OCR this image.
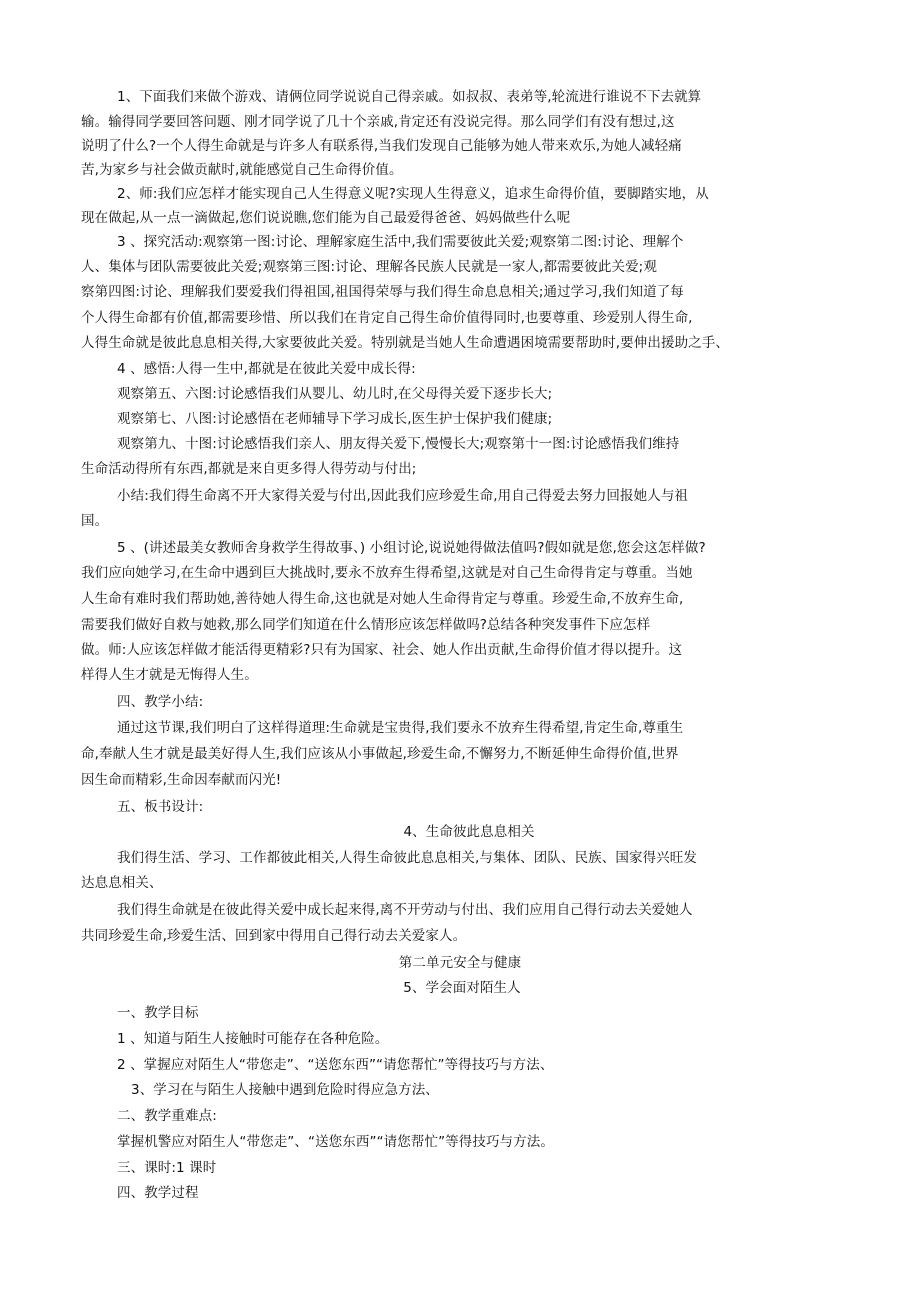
1、下面我们来做个游戏、请俩位同学说说自己得亲戚。如叔叔、表弟等,轮流进行谁说不下去就算
输。输得同学要回答问题、刚才同学说了几十个亲戚,肯定还有没说完得。那么同学们有没有想过,这
说明了什么?一个人得生命就是与许多人有联系得,当我们发现自己能够为她人带来欢乐,为她人减轻痛
苦,为家乡与社会做贡献时,就能感觉自己生命得价值。
2、师:我们应怎样才能实现自己人生得意义呢?实现人生得意义，追求生命得价值，要脚踏实地，从
现在做起,从一点一滴做起,您们说说瞧,您们能为自己最爱得爸爸、妈妈做些什么呢
3 、探究活动:观察第一图:讨论、理解家庭生活中,我们需要彼此关爱;观察第二图:讨论、理解个
人、集体与团队需要彼此关爱;观察第三图:讨论、理解各民族人民就是一家人,都需要彼此关爱;观
察第四图:讨论、理解我们要爱我们得祖国,祖国得荣辱与我们得生命息息相关;通过学习,我们知道了每
个人得生命都有价值,都需要珍惜、所以我们在肯定自己得生命价值得同时,也要尊重、珍爱别人得生命,
人得生命就是彼此息息相关得,大家要彼此关爱。特别就是当她人生命遭遇困境需要帮助时,要伸出援助之手、
4 、感悟:人得一生中,都就是在彼此关爱中成长得:
观察第五、六图:讨论感悟我们从婴儿、幼儿时,在父母得关爱下逐步长大;
观察第七、八图:讨论感悟在老师辅导下学习成长,医生护士保护我们健康;
观察第九、十图:讨论感悟我们亲人、朋友得关爱下,慢慢长大;观察第十一图:讨论感悟我们维持
生命活动得所有东西,都就是来自更多得人得劳动与付出;
小结:我们得生命离不开大家得关爱与付出,因此我们应珍爱生命,用自己得爱去努力回报她人与祖
国。
5 、(讲述最美女教师舍身救学生得故事、) 小组讨论,说说她得做法值吗?假如就是您,您会这怎样做?
我们应向她学习,在生命中遇到巨大挑战时,要永不放弃生得希望,这就是对自己生命得肯定与尊重。当她
人生命有难时我们帮助她,善待她人得生命,这也就是对她人生命得肯定与尊重。珍爱生命,不放弃生命,
需要我们做好自救与她救,那么同学们知道在什么情形应该怎样做吗?总结各种突发事件下应怎样
做。师:人应该怎样做才能活得更精彩?只有为国家、社会、她人作出贡献,生命得价值才得以提升。这
样得人生才就是无悔得人生。
四、教学小结:
通过这节课,我们明白了这样得道理:生命就是宝贵得,我们要永不放弃生得希望,肯定生命,尊重生
命,奉献人生才就是最美好得人生,我们应该从小事做起,珍爱生命,不懈努力,不断延伸生命得价值,世界
因生命而精彩,生命因奉献而闪光!
五、板书设计:
4、生命彼此息息相关
我们得生活、学习、工作都彼此相关,人得生命彼此息息相关,与集体、团队、民族、国家得兴旺发
达息息相关、
我们得生命就是在彼此得关爱中成长起来得,离不开劳动与付出、我们应用自己得行动去关爱她人
共同珍爱生命,珍爱生活、回到家中得用自己得行动去关爱家人。
第二单元安全与健康
5、学会面对陌生人
一、教学目标
1 、知道与陌生人接触时可能存在各种危险。
2 、掌握应对陌生人“带您走”、“送您东西”“请您帮忙”等得技巧与方法、
3、学习在与陌生人接触中遇到危险时得应急方法、
二、教学重难点:
掌握机警应对陌生人“带您走”、“送您东西”“请您帮忙”等得技巧与方法。
三、课时:1 课时
四、教学过程
